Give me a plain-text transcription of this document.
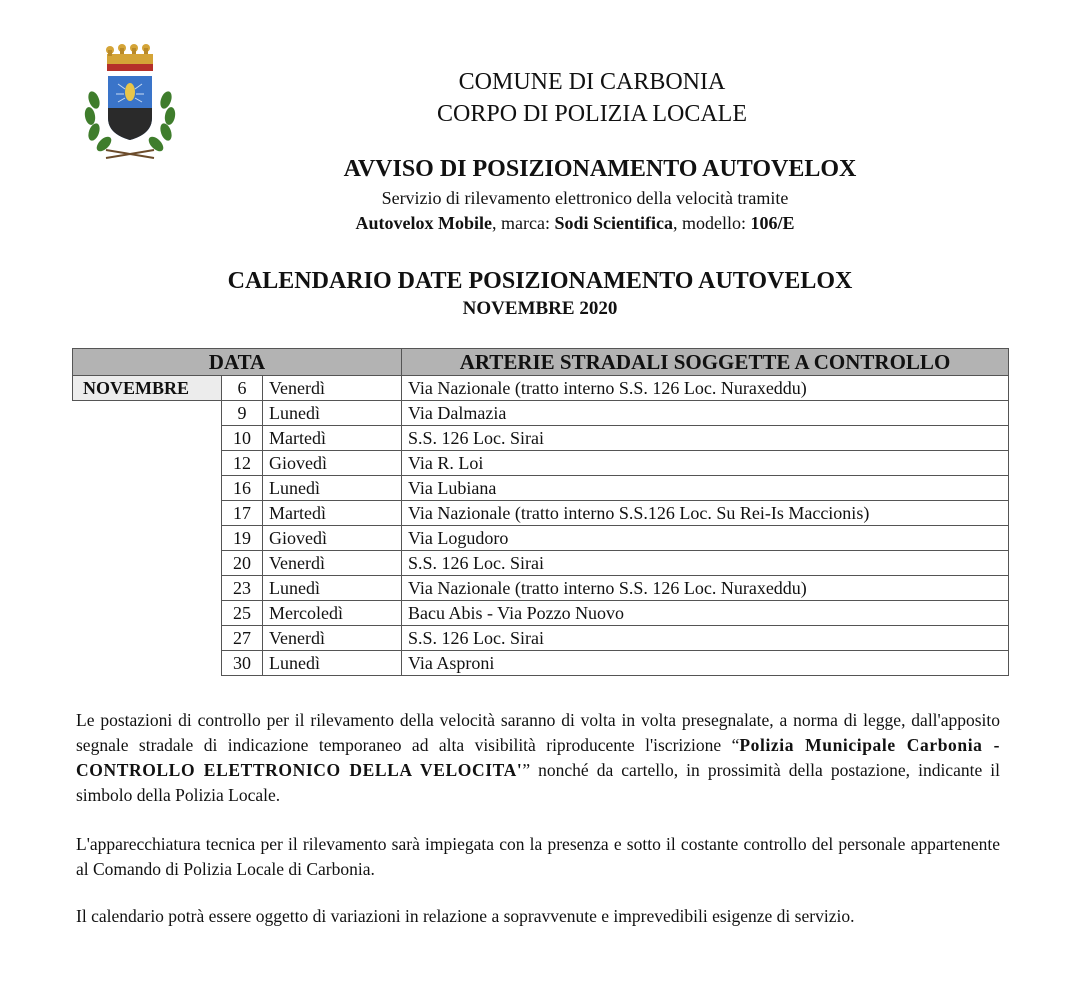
COMUNE DI CARBONIA
CORPO DI POLIZIA LOCALE
AVVISO DI POSIZIONAMENTO AUTOVELOX
Servizio di rilevamento elettronico della velocità tramite
Autovelox Mobile, marca: Sodi Scientifica, modello: 106/E
CALENDARIO DATE POSIZIONAMENTO AUTOVELOX
NOVEMBRE 2020
DATA			ARTERIE STRADALI SOGGETTE A CONTROLLO
NOVEMBRE	6	Venerdì	Via Nazionale (tratto interno S.S. 126 Loc. Nuraxeddu)
	9	Lunedì	Via Dalmazia
	10	Martedì	S.S. 126 Loc. Sirai
	12	Giovedì	Via R. Loi
	16	Lunedì	Via Lubiana
	17	Martedì	Via Nazionale (tratto interno S.S.126 Loc. Su Rei-Is Maccionis)
	19	Giovedì	Via Logudoro
	20	Venerdì	S.S. 126 Loc. Sirai
	23	Lunedì	Via Nazionale (tratto interno S.S. 126 Loc. Nuraxeddu)
	25	Mercoledì	Bacu Abis - Via Pozzo Nuovo
	27	Venerdì	S.S. 126 Loc. Sirai
	30	Lunedì	Via Asproni
Le postazioni di controllo per il rilevamento della velocità saranno di volta in volta presegnalate, a norma di legge, dall'apposito segnale stradale di indicazione temporaneo ad alta visibilità riproducente l'iscrizione “Polizia Municipale Carbonia - CONTROLLO ELETTRONICO DELLA VELOCITA'” nonché da cartello, in prossimità della postazione, indicante il simbolo della Polizia Locale.
L'apparecchiatura tecnica per il rilevamento sarà impiegata con la presenza e sotto il costante controllo del personale appartenente al Comando di Polizia Locale di Carbonia.
Il calendario potrà essere oggetto di variazioni in relazione a sopravvenute e imprevedibili esigenze di servizio.
